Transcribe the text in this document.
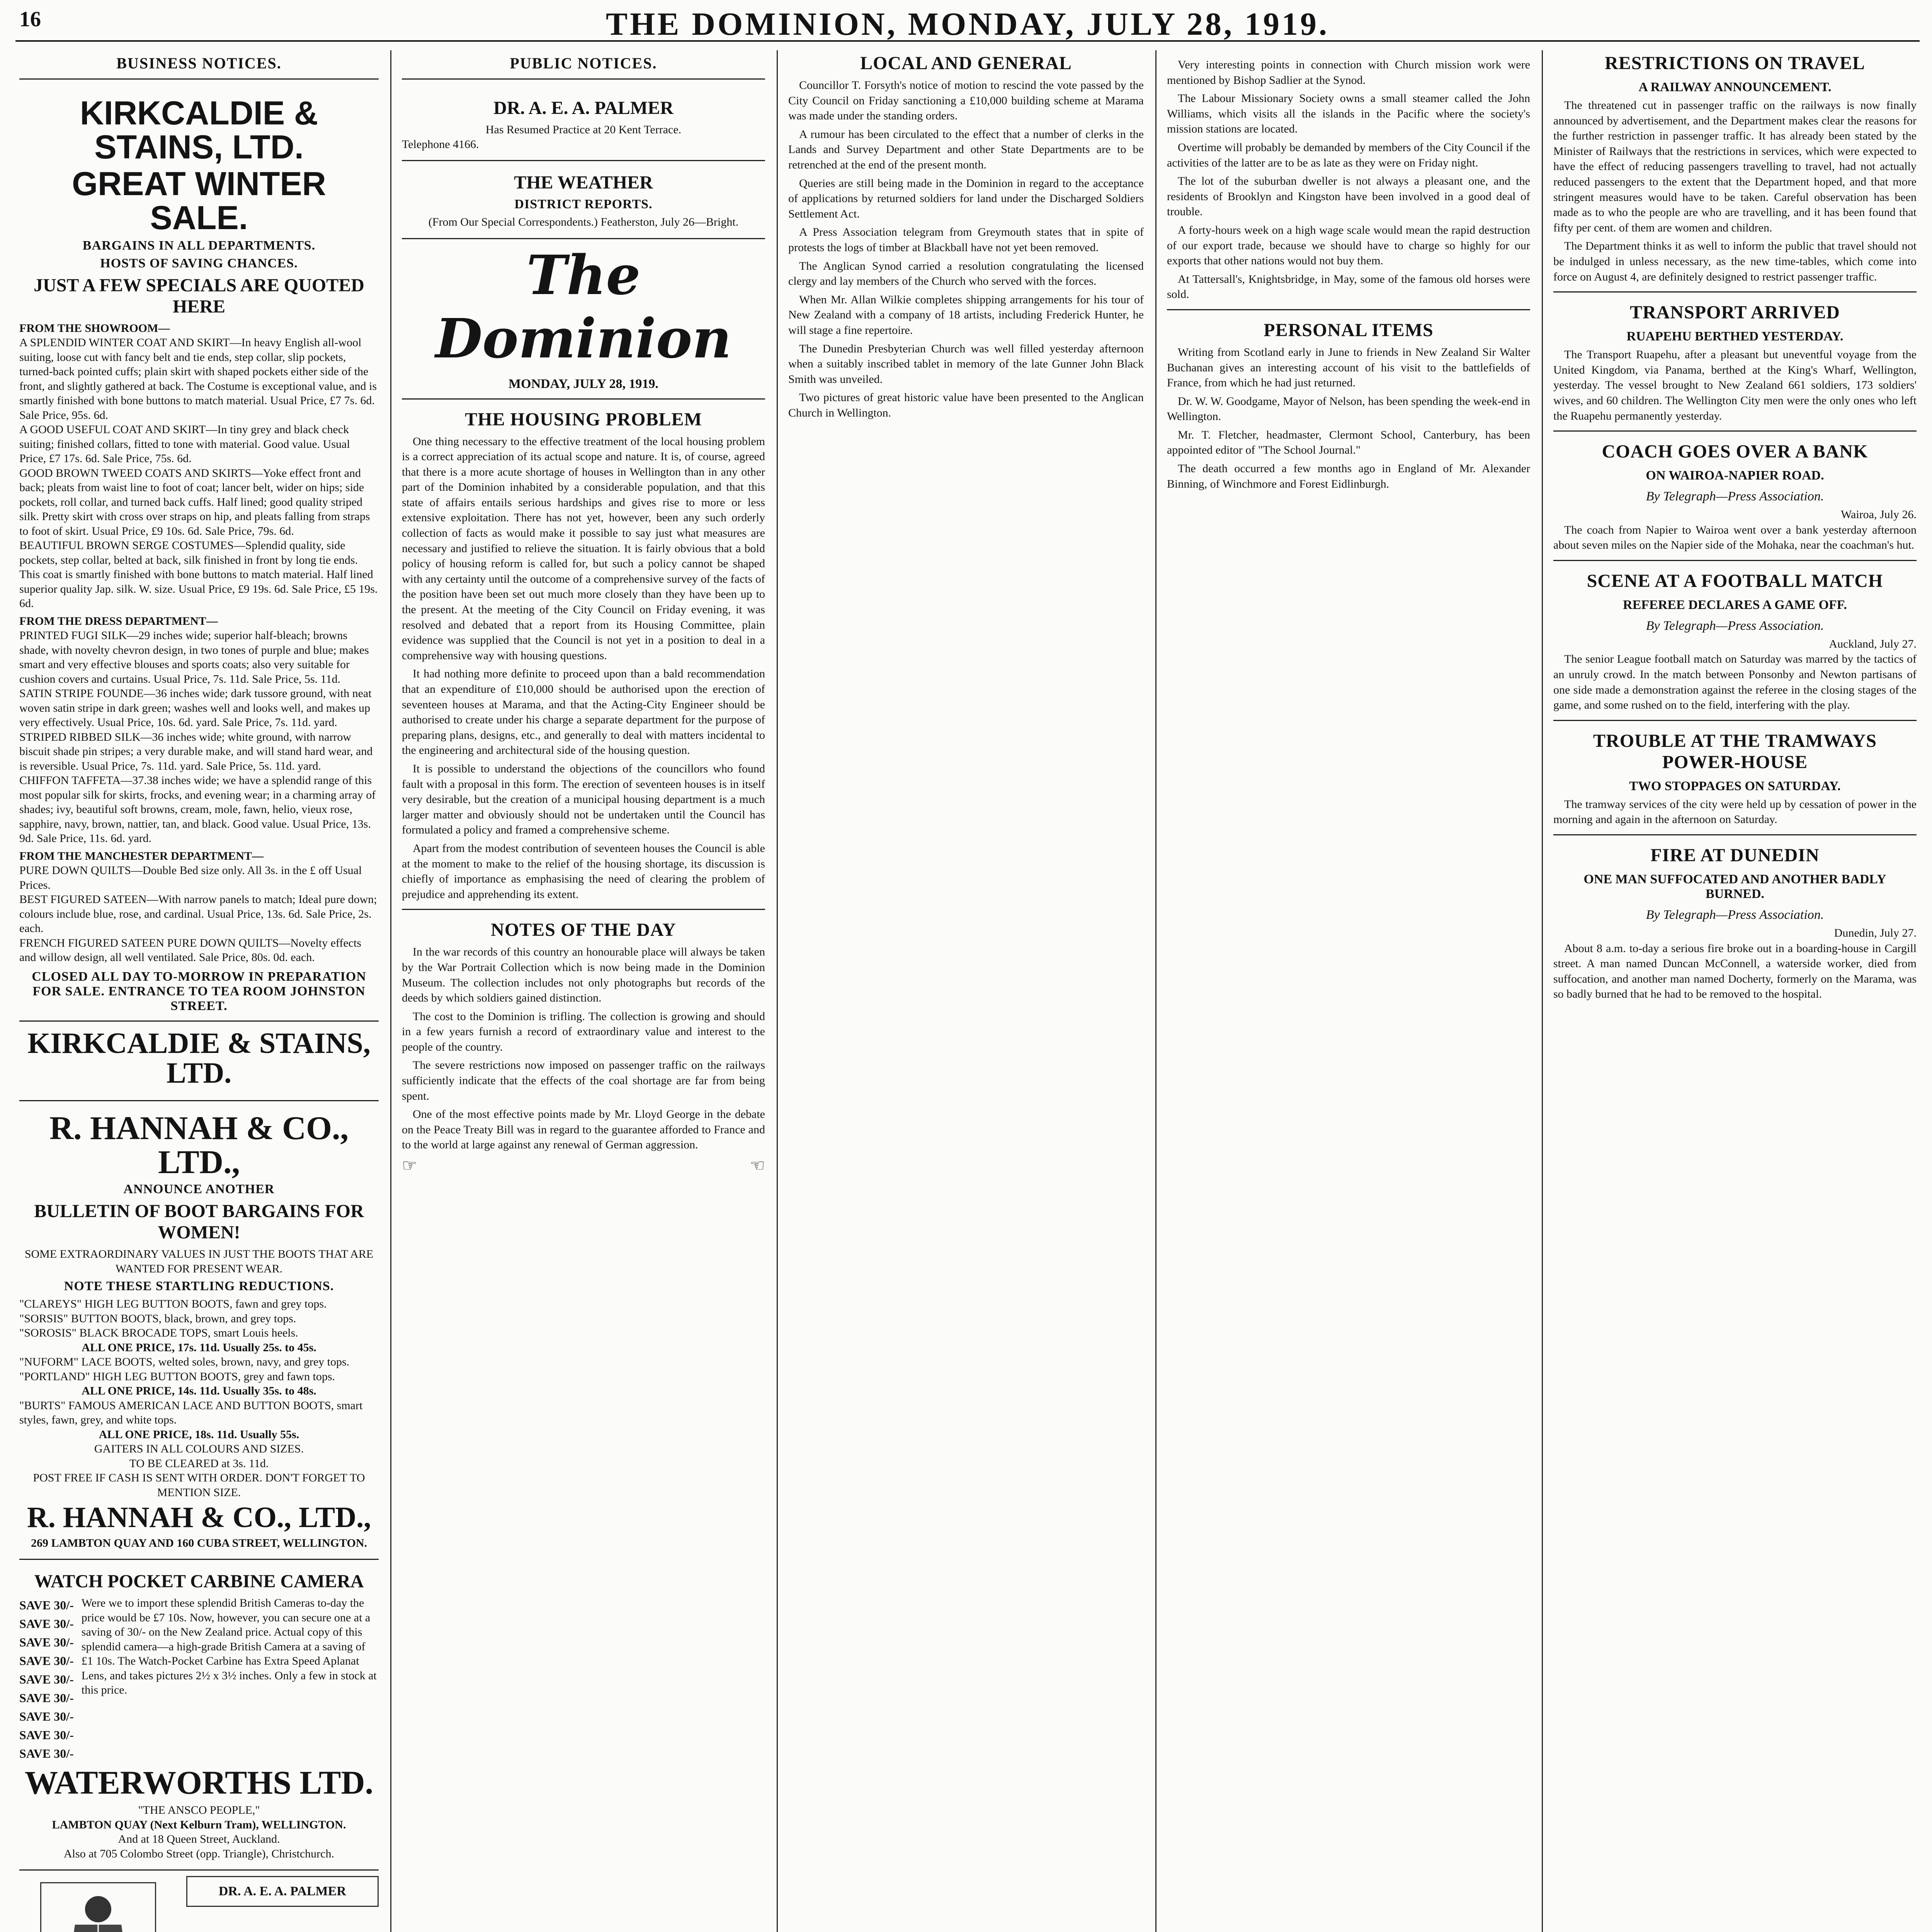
16	THE DOMINION, MONDAY, JULY 28, 1919.
BUSINESS NOTICES.
KIRKCALDIE & STAINS, LTD.
GREAT WINTER SALE.
BARGAINS IN ALL DEPARTMENTS.
HOSTS OF SAVING CHANCES.
JUST A FEW SPECIALS ARE QUOTED HERE
FROM THE SHOWROOM—
A SPLENDID WINTER COAT AND SKIRT—In heavy English all-wool suiting, loose cut with fancy belt and tie ends, step collar, slip pockets, turned-back pointed cuffs; plain skirt with shaped pockets either side of the front, and slightly gathered at back. The Costume is exceptional value, and is smartly finished with bone buttons to match material. Usual Price, £7 7s. 6d. Sale Price, 95s. 6d.
A GOOD USEFUL COAT AND SKIRT—In tiny grey and black check suiting; finished collars, fitted to tone with material. Good value. Usual Price, £7 17s. 6d. Sale Price, 75s. 6d.
GOOD BROWN TWEED COATS AND SKIRTS—Yoke effect front and back; pleats from waist line to foot of coat; lancer belt, wider on hips; side pockets, roll collar, and turned back cuffs. Half lined; good quality striped silk. Pretty skirt with cross over straps on hip, and pleats falling from straps to foot of skirt. Usual Price, £9 10s. 6d. Sale Price, 79s. 6d.
BEAUTIFUL BROWN SERGE COSTUMES—Splendid quality, side pockets, step collar, belted at back, silk finished in front by long tie ends. This coat is smartly finished with bone buttons to match material. Half lined superior quality Jap. silk. W. size. Usual Price, £9 19s. 6d. Sale Price, £5 19s. 6d.
FROM THE DRESS DEPARTMENT—
PRINTED FUGI SILK—29 inches wide; superior half-bleach; browns shade, with novelty chevron design, in two tones of purple and blue; makes smart and very effective blouses and sports coats; also very suitable for cushion covers and curtains. Usual Price, 7s. 11d. Sale Price, 5s. 11d.
SATIN STRIPE FOUNDE—36 inches wide; dark tussore ground, with neat woven satin stripe in dark green; washes well and looks well, and makes up very effectively. Usual Price, 10s. 6d. yard. Sale Price, 7s. 11d. yard.
STRIPED RIBBED SILK—36 inches wide; white ground, with narrow biscuit shade pin stripes; a very durable make, and will stand hard wear, and is reversible. Usual Price, 7s. 11d. yard. Sale Price, 5s. 11d. yard.
CHIFFON TAFFETA—37.38 inches wide; we have a splendid range of this most popular silk for skirts, frocks, and evening wear; in a charming array of shades; ivy, beautiful soft browns, cream, mole, fawn, helio, vieux rose, sapphire, navy, brown, nattier, tan, and black. Good value. Usual Price, 13s. 9d. Sale Price, 11s. 6d. yard.
FROM THE MANCHESTER DEPARTMENT—
PURE DOWN QUILTS—Double Bed size only. All 3s. in the £ off Usual Prices.
BEST FIGURED SATEEN—With narrow panels to match; Ideal pure down; colours include blue, rose, and cardinal. Usual Price, 13s. 6d. Sale Price, 2s. each.
FRENCH FIGURED SATEEN PURE DOWN QUILTS—Novelty effects and willow design, all well ventilated. Sale Price, 80s. 0d. each.
CLOSED ALL DAY TO-MORROW IN PREPARATION FOR SALE. ENTRANCE TO TEA ROOM JOHNSTON STREET.
KIRKCALDIE & STAINS, LTD.
R. HANNAH & CO., LTD.,
ANNOUNCE ANOTHER
BULLETIN OF BOOT BARGAINS FOR WOMEN!
SOME EXTRAORDINARY VALUES IN JUST THE BOOTS THAT ARE WANTED FOR PRESENT WEAR.
NOTE THESE STARTLING REDUCTIONS.
"CLAREYS" HIGH LEG BUTTON BOOTS, fawn and grey tops.
"SORSIS" BUTTON BOOTS, black, brown, and grey tops.
"SOROSIS" BLACK BROCADE TOPS, smart Louis heels.
ALL ONE PRICE, 17s. 11d. Usually 25s. to 45s.
"NUFORM" LACE BOOTS, welted soles, brown, navy, and grey tops.
"PORTLAND" HIGH LEG BUTTON BOOTS, grey and fawn tops.
ALL ONE PRICE, 14s. 11d. Usually 35s. to 48s.
"BURTS" FAMOUS AMERICAN LACE AND BUTTON BOOTS, smart styles, fawn, grey, and white tops.
ALL ONE PRICE, 18s. 11d. Usually 55s.
GAITERS IN ALL COLOURS AND SIZES.
TO BE CLEARED at 3s. 11d.
POST FREE IF CASH IS SENT WITH ORDER. DON'T FORGET TO MENTION SIZE.
R. HANNAH & CO., LTD.,
269 LAMBTON QUAY AND 160 CUBA STREET, WELLINGTON.
WATCH POCKET CARBINE CAMERA
SAVE 30/-
SAVE 30/-
SAVE 30/-
SAVE 30/-
SAVE 30/-
SAVE 30/-
SAVE 30/-
SAVE 30/-
SAVE 30/-
Were we to import these splendid British Cameras to-day the price would be £7 10s. Now, however, you can secure one at a saving of 30/- on the New Zealand price. Actual copy of this splendid camera—a high-grade British Camera at a saving of £1 10s. The Watch-Pocket Carbine has Extra Speed Aplanat Lens, and takes pictures 2½ x 3½ inches. Only a few in stock at this price.
WATERWORTHS LTD.
"THE ANSCO PEOPLE,"
LAMBTON QUAY (Next Kelburn Tram), WELLINGTON.
And at 18 Queen Street, Auckland.
Also at 705 Colombo Street (opp. Triangle), Christchurch.
DR. A. E. A. PALMER
PUBLIC NOTICES.
DR. A. E. A. PALMER
Has Resumed Practice at 20 Kent Terrace.
Telephone 4166.
THE WEATHER
DISTRICT REPORTS.
(From Our Special Correspondents.) Featherston, July 26—Bright.
The Dominion
MONDAY, JULY 28, 1919.
THE HOUSING PROBLEM

One thing necessary to the effective treatment of the local housing problem is a correct appreciation of its actual scope and nature. It is, of course, agreed that there is a more acute shortage of houses in Wellington than in any other part of the Dominion inhabited by a considerable population, and that this state of affairs entails serious hardships and gives rise to more or less extensive exploitation. There has not yet, however, been any such orderly collection of facts as would make it possible to say just what measures are necessary and justified to relieve the situation. It is fairly obvious that a bold policy of housing reform is called for, but such a policy cannot be shaped with any certainty until the outcome of a comprehensive survey of the facts of the position have been set out much more closely than they have been up to the present. At the meeting of the City Council on Friday evening, it was resolved and debated that a report from its Housing Committee, plain evidence was supplied that the Council is not yet in a position to deal in a comprehensive way with housing questions.

It had nothing more definite to proceed upon than a bald recommendation that an expenditure of £10,000 should be authorised upon the erection of seventeen houses at Marama, and that the Acting-City Engineer should be authorised to create under his charge a separate department for the purpose of preparing plans, designs, etc., and generally to deal with matters incidental to the engineering and architectural side of the housing question.

It is possible to understand the objections of the councillors who found fault with a proposal in this form. The erection of seventeen houses is in itself very desirable, but the creation of a municipal housing department is a much larger matter and obviously should not be undertaken until the Council has formulated a policy and framed a comprehensive scheme.

Apart from the modest contribution of seventeen houses the Council is able at the moment to make to the relief of the housing shortage, its discussion is chiefly of importance as emphasising the need of clearing the problem of prejudice and apprehending its extent.

NOTES OF THE DAY

In the war records of this country an honourable place will always be taken by the War Portrait Collection which is now being made in the Dominion Museum. The collection includes not only photographs but records of the deeds by which soldiers gained distinction.

The cost to the Dominion is trifling. The collection is growing and should in a few years furnish a record of extraordinary value and interest to the people of the country.

The severe restrictions now imposed on passenger traffic on the railways sufficiently indicate that the effects of the coal shortage are far from being spent.

One of the most effective points made by Mr. Lloyd George in the debate on the Peace Treaty Bill was in regard to the guarantee afforded to France and to the world at large against any renewal of German aggression.

☞	☜
LOCAL AND GENERAL

Councillor T. Forsyth's notice of motion to rescind the vote passed by the City Council on Friday sanctioning a £10,000 building scheme at Marama was made under the standing orders.

A rumour has been circulated to the effect that a number of clerks in the Lands and Survey Department and other State Departments are to be retrenched at the end of the present month.

Queries are still being made in the Dominion in regard to the acceptance of applications by returned soldiers for land under the Discharged Soldiers Settlement Act.

A Press Association telegram from Greymouth states that in spite of protests the logs of timber at Blackball have not yet been removed.

The Anglican Synod carried a resolution congratulating the licensed clergy and lay members of the Church who served with the forces.

When Mr. Allan Wilkie completes shipping arrangements for his tour of New Zealand with a company of 18 artists, including Frederick Hunter, he will stage a fine repertoire.

The Dunedin Presbyterian Church was well filled yesterday afternoon when a suitably inscribed tablet in memory of the late Gunner John Black Smith was unveiled.

Two pictures of great historic value have been presented to the Anglican Church in Wellington.

Very interesting points in connection with Church mission work were mentioned by Bishop Sadlier at the Synod.

The Labour Missionary Society owns a small steamer called the John Williams, which visits all the islands in the Pacific where the society's mission stations are located.

Overtime will probably be demanded by members of the City Council if the activities of the latter are to be as late as they were on Friday night.

The lot of the suburban dweller is not always a pleasant one, and the residents of Brooklyn and Kingston have been involved in a good deal of trouble.

A forty-hours week on a high wage scale would mean the rapid destruction of our export trade, because we should have to charge so highly for our exports that other nations would not buy them.

At Tattersall's, Knightsbridge, in May, some of the famous old horses were sold.

PERSONAL ITEMS

Writing from Scotland early in June to friends in New Zealand Sir Walter Buchanan gives an interesting account of his visit to the battlefields of France, from which he had just returned.

Dr. W. W. Goodgame, Mayor of Nelson, has been spending the week-end in Wellington.

Mr. T. Fletcher, headmaster, Clermont School, Canterbury, has been appointed editor of "The School Journal."

The death occurred a few months ago in England of Mr. Alexander Binning, of Winchmore and Forest Eidlinburgh.

RESTRICTIONS ON TRAVEL
A RAILWAY ANNOUNCEMENT.

The threatened cut in passenger traffic on the railways is now finally announced by advertisement, and the Department makes clear the reasons for the further restriction in passenger traffic. It has already been stated by the Minister of Railways that the restrictions in services, which were expected to have the effect of reducing passengers travelling to travel, had not actually reduced passengers to the extent that the Department hoped, and that more stringent measures would have to be taken. Careful observation has been made as to who the people are who are travelling, and it has been found that fifty per cent. of them are women and children.

The Department thinks it as well to inform the public that travel should not be indulged in unless necessary, as the new time-tables, which come into force on August 4, are definitely designed to restrict passenger traffic.

TRANSPORT ARRIVED
RUAPEHU BERTHED YESTERDAY.

The Transport Ruapehu, after a pleasant but uneventful voyage from the United Kingdom, via Panama, berthed at the King's Wharf, Wellington, yesterday. The vessel brought to New Zealand 661 soldiers, 173 soldiers' wives, and 60 children. The Wellington City men were the only ones who left the Ruapehu permanently yesterday.

COACH GOES OVER A BANK
ON WAIROA-NAPIER ROAD.
By Telegraph—Press Association.
Wairoa, July 26.

The coach from Napier to Wairoa went over a bank yesterday afternoon about seven miles on the Napier side of the Mohaka, near the coachman's hut.

SCENE AT A FOOTBALL MATCH
REFEREE DECLARES A GAME OFF.
By Telegraph—Press Association.
Auckland, July 27.

The senior League football match on Saturday was marred by the tactics of an unruly crowd. In the match between Ponsonby and Newton partisans of one side made a demonstration against the referee in the closing stages of the game, and some rushed on to the field, interfering with the play.

TROUBLE AT THE TRAMWAYS POWER-HOUSE
TWO STOPPAGES ON SATURDAY.

The tramway services of the city were held up by cessation of power in the morning and again in the afternoon on Saturday.

FIRE AT DUNEDIN
ONE MAN SUFFOCATED AND ANOTHER BADLY BURNED.
By Telegraph—Press Association.
Dunedin, July 27.

About 8 a.m. to-day a serious fire broke out in a boarding-house in Cargill street. A man named Duncan McConnell, a waterside worker, died from suffocation, and another man named Docherty, formerly on the Marama, was so badly burned that he had to be removed to the hospital.
